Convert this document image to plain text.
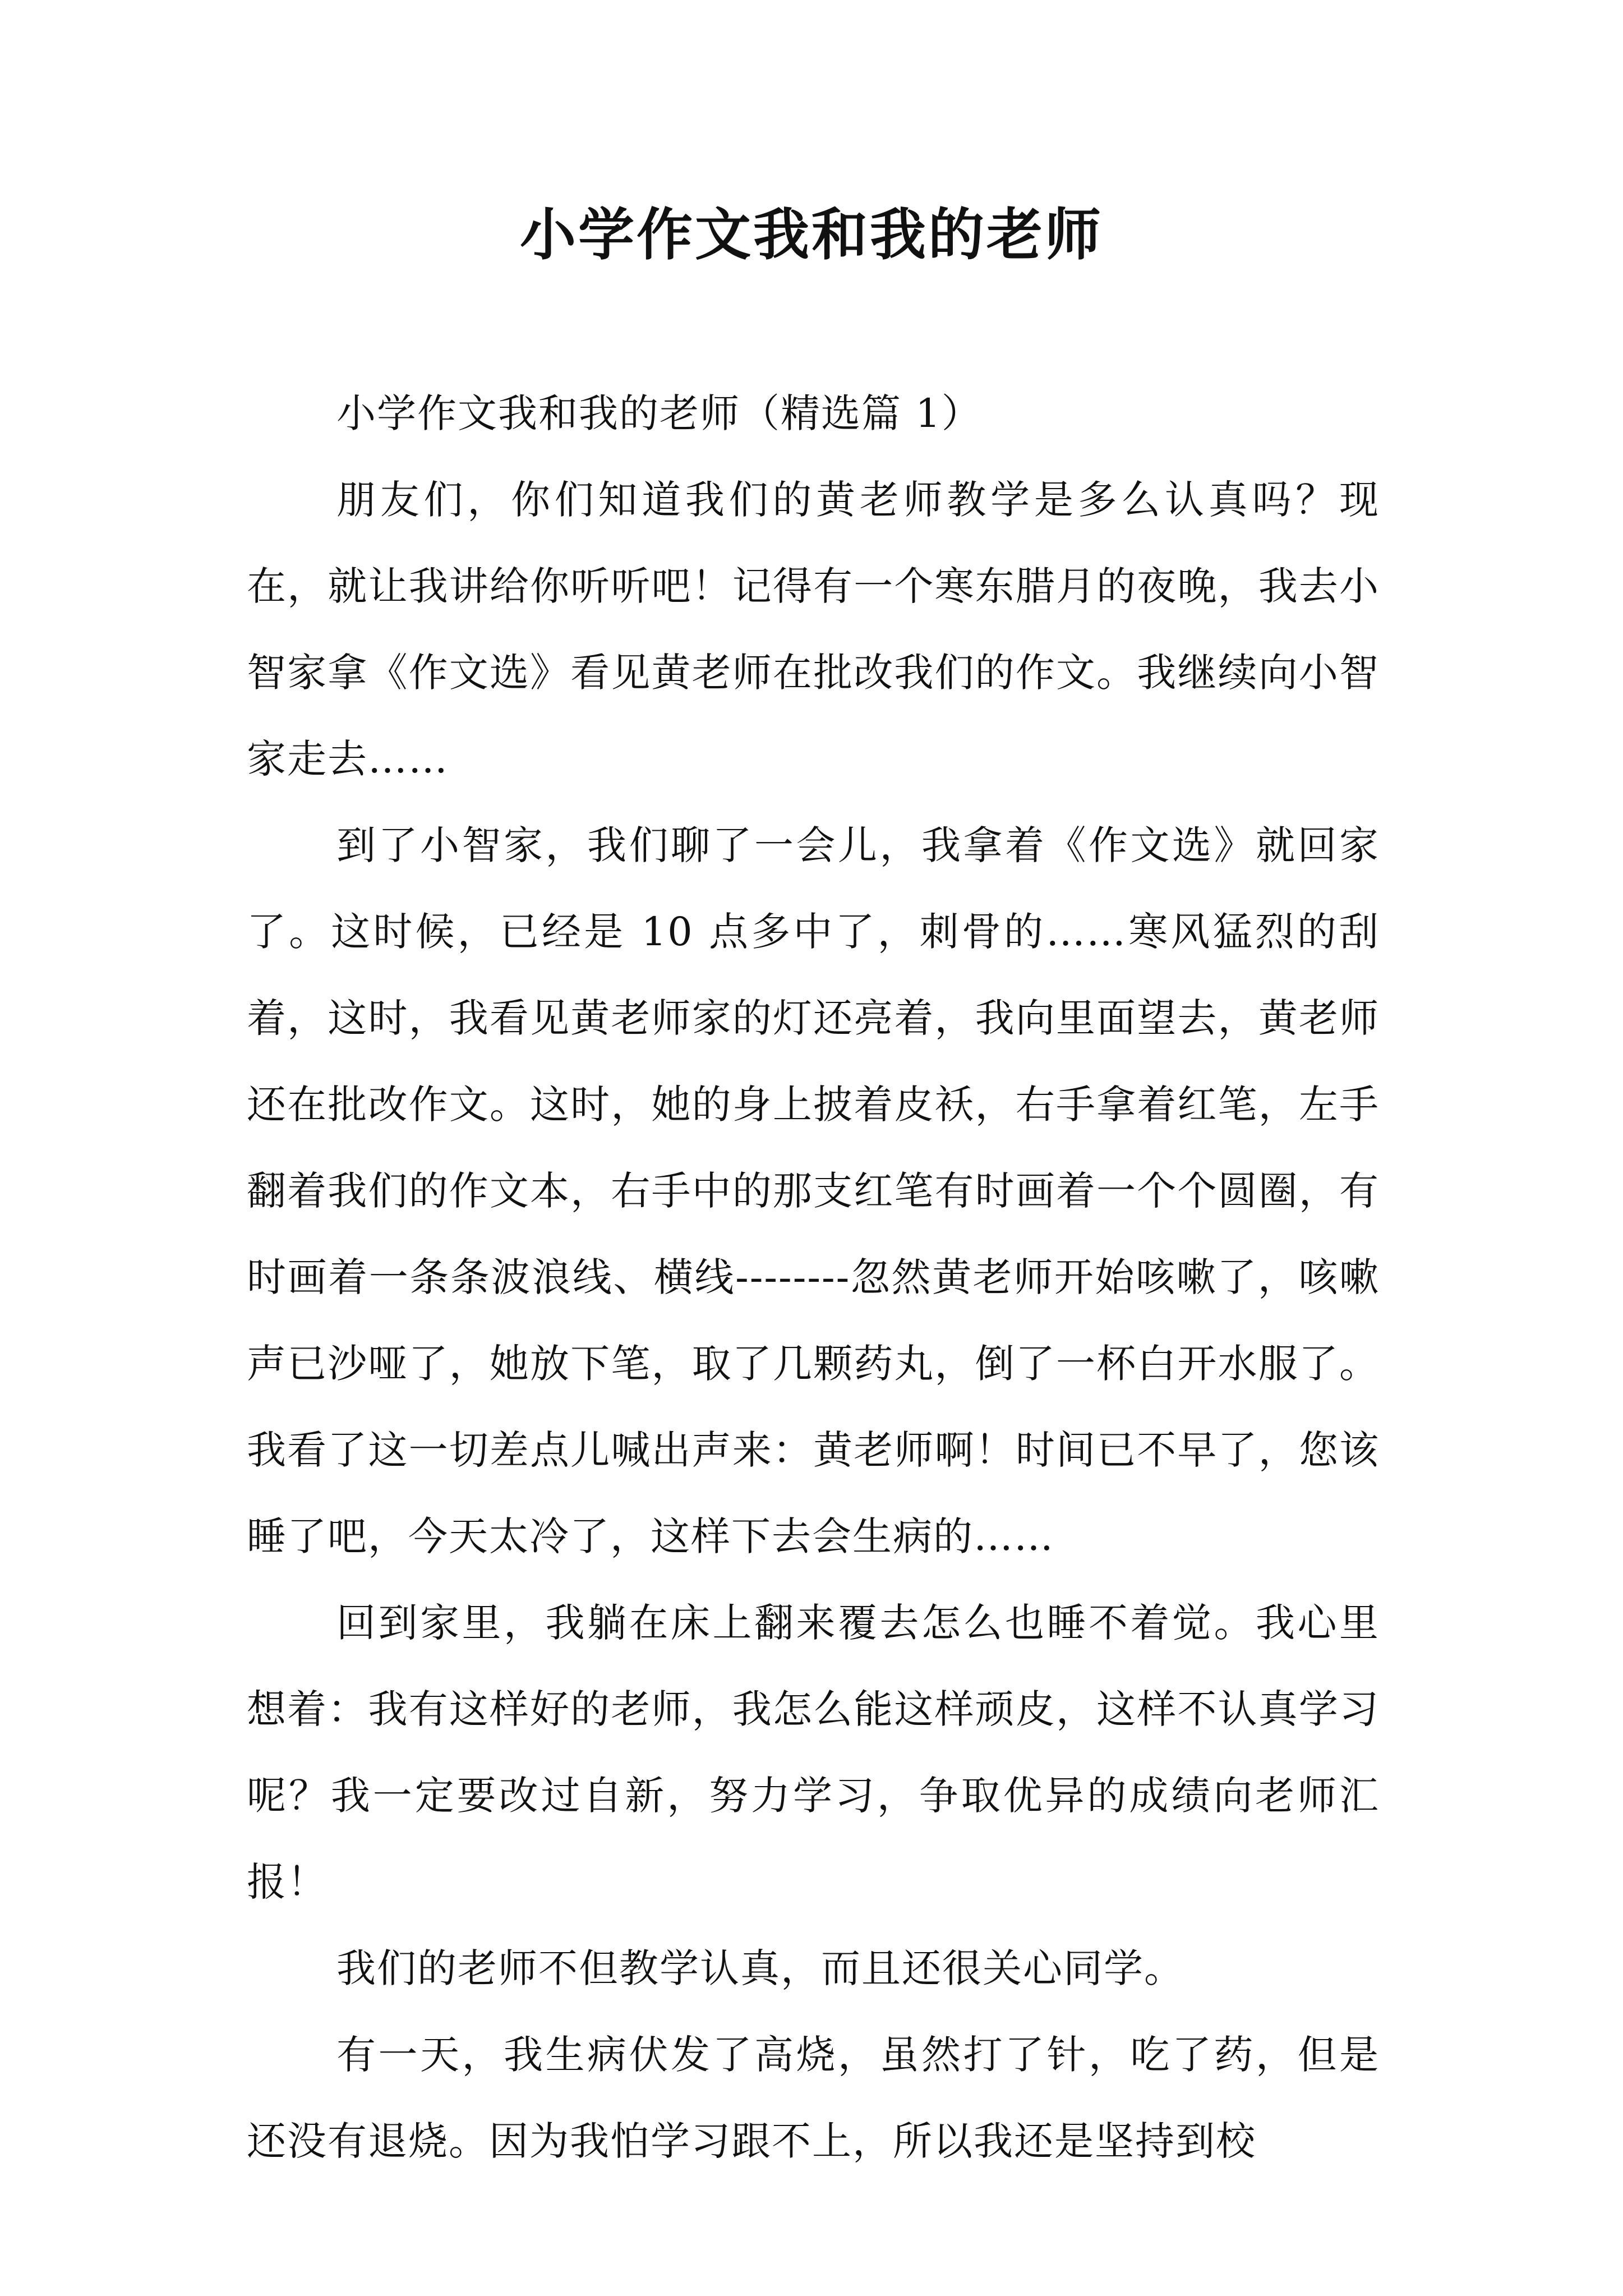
小学作文我和我的老师

小学作文我和我的老师（精选篇 1）

朋友们，你们知道我们的黄老师教学是多么认真吗？现在，就让我讲给你听听吧！记得有一个寒东腊月的夜晚，我去小智家拿《作文选》看见黄老师在批改我们的作文。我继续向小智家走去……

到了小智家，我们聊了一会儿，我拿着《作文选》就回家了。这时候，已经是 10 点多中了，刺骨的……寒风猛烈的刮着，这时，我看见黄老师家的灯还亮着，我向里面望去，黄老师还在批改作文。这时，她的身上披着皮袄，右手拿着红笔，左手翻着我们的作文本，右手中的那支红笔有时画着一个个圆圈，有时画着一条条波浪线、横线--------忽然黄老师开始咳嗽了，咳嗽声已沙哑了，她放下笔，取了几颗药丸，倒了一杯白开水服了。我看了这一切差点儿喊出声来：黄老师啊！时间已不早了，您该睡了吧，今天太冷了，这样下去会生病的……

回到家里，我躺在床上翻来覆去怎么也睡不着觉。我心里想着：我有这样好的老师，我怎么能这样顽皮，这样不认真学习呢？我一定要改过自新，努力学习，争取优异的成绩向老师汇报！

我们的老师不但教学认真，而且还很关心同学。

有一天，我生病伏发了高烧，虽然打了针，吃了药，但是还没有退烧。因为我怕学习跟不上，所以我还是坚持到校
